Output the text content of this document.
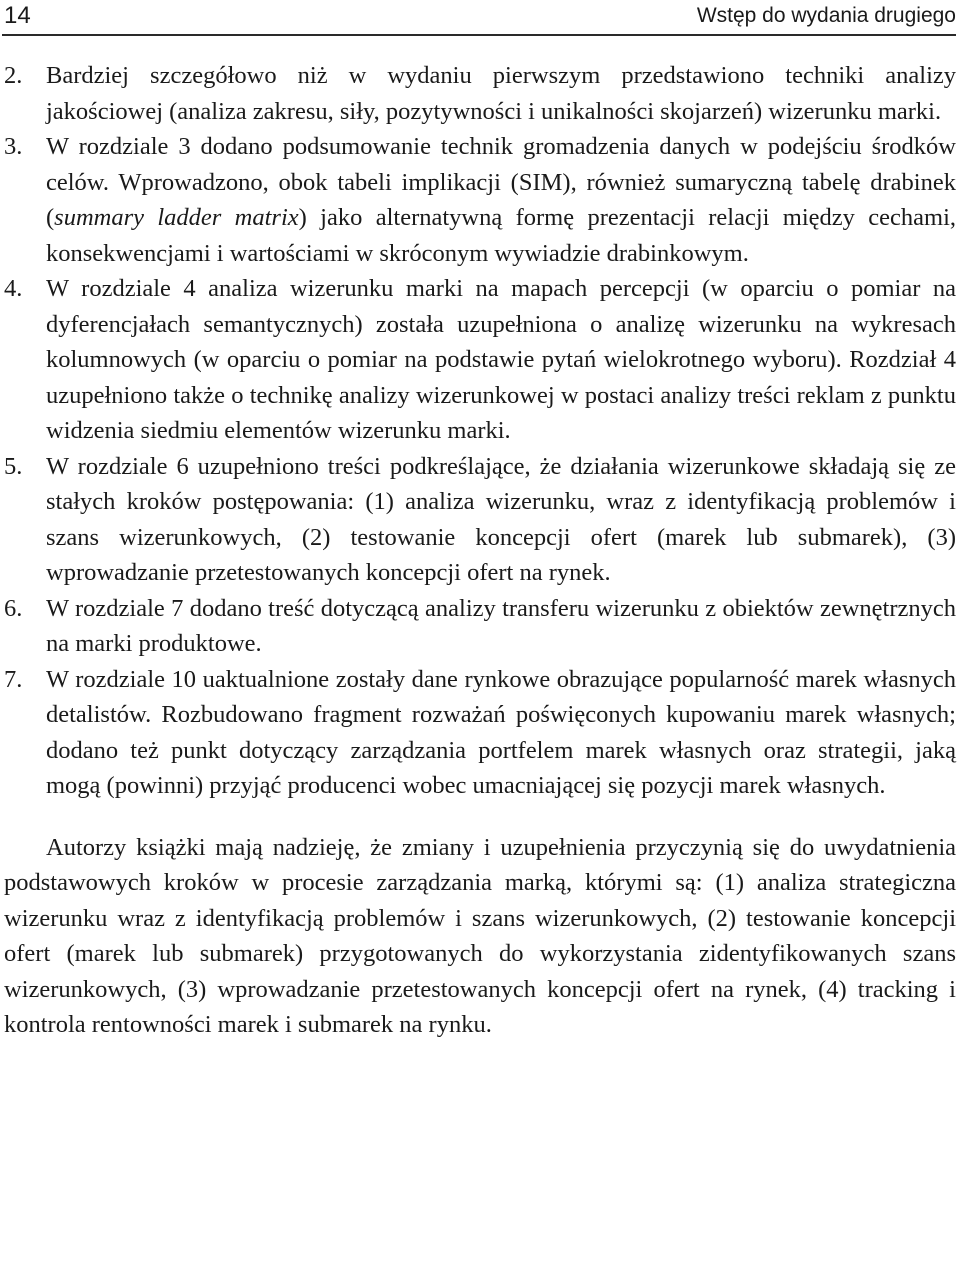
14	Wstęp do wydania drugiego
2. Bardziej szczegółowo niż w wydaniu pierwszym przedstawiono techniki analizy jakościowej (analiza zakresu, siły, pozytywności i unikalności skojarzeń) wizerunku marki.
3. W rozdziale 3 dodano podsumowanie technik gromadzenia danych w podejściu środków celów. Wprowadzono, obok tabeli implikacji (SIM), również sumaryczną tabelę drabinek (summary ladder matrix) jako alternatywną formę prezentacji relacji między cechami, konsekwencjami i wartościami w skróconym wywiadzie drabinkowym.
4. W rozdziale 4 analiza wizerunku marki na mapach percepcji (w oparciu o pomiar na dyferencjałach semantycznych) została uzupełniona o analizę wizerunku na wykresach kolumnowych (w oparciu o pomiar na podstawie pytań wielokrotnego wyboru). Rozdział 4 uzupełniono także o technikę analizy wizerunkowej w postaci analizy treści reklam z punktu widzenia siedmiu elementów wizerunku marki.
5. W rozdziale 6 uzupełniono treści podkreślające, że działania wizerunkowe składają się ze stałych kroków postępowania: (1) analiza wizerunku, wraz z identyfikacją problemów i szans wizerunkowych, (2) testowanie koncepcji ofert (marek lub submarek), (3) wprowadzanie przetestowanych koncepcji ofert na rynek.
6. W rozdziale 7 dodano treść dotyczącą analizy transferu wizerunku z obiektów zewnętrznych na marki produktowe.
7. W rozdziale 10 uaktualnione zostały dane rynkowe obrazujące popularność marek własnych detalistów. Rozbudowano fragment rozważań poświęconych kupowaniu marek własnych; dodano też punkt dotyczący zarządzania portfelem marek własnych oraz strategii, jaką mogą (powinni) przyjąć producenci wobec umacniającej się pozycji marek własnych.

Autorzy książki mają nadzieję, że zmiany i uzupełnienia przyczynią się do uwydatnienia podstawowych kroków w procesie zarządzania marką, którymi są: (1) analiza strategiczna wizerunku wraz z identyfikacją problemów i szans wizerunkowych, (2) testowanie koncepcji ofert (marek lub submarek) przygotowanych do wykorzystania zidentyfikowanych szans wizerunkowych, (3) wprowadzanie przetestowanych koncepcji ofert na rynek, (4) tracking i kontrola rentowności marek i submarek na rynku.
